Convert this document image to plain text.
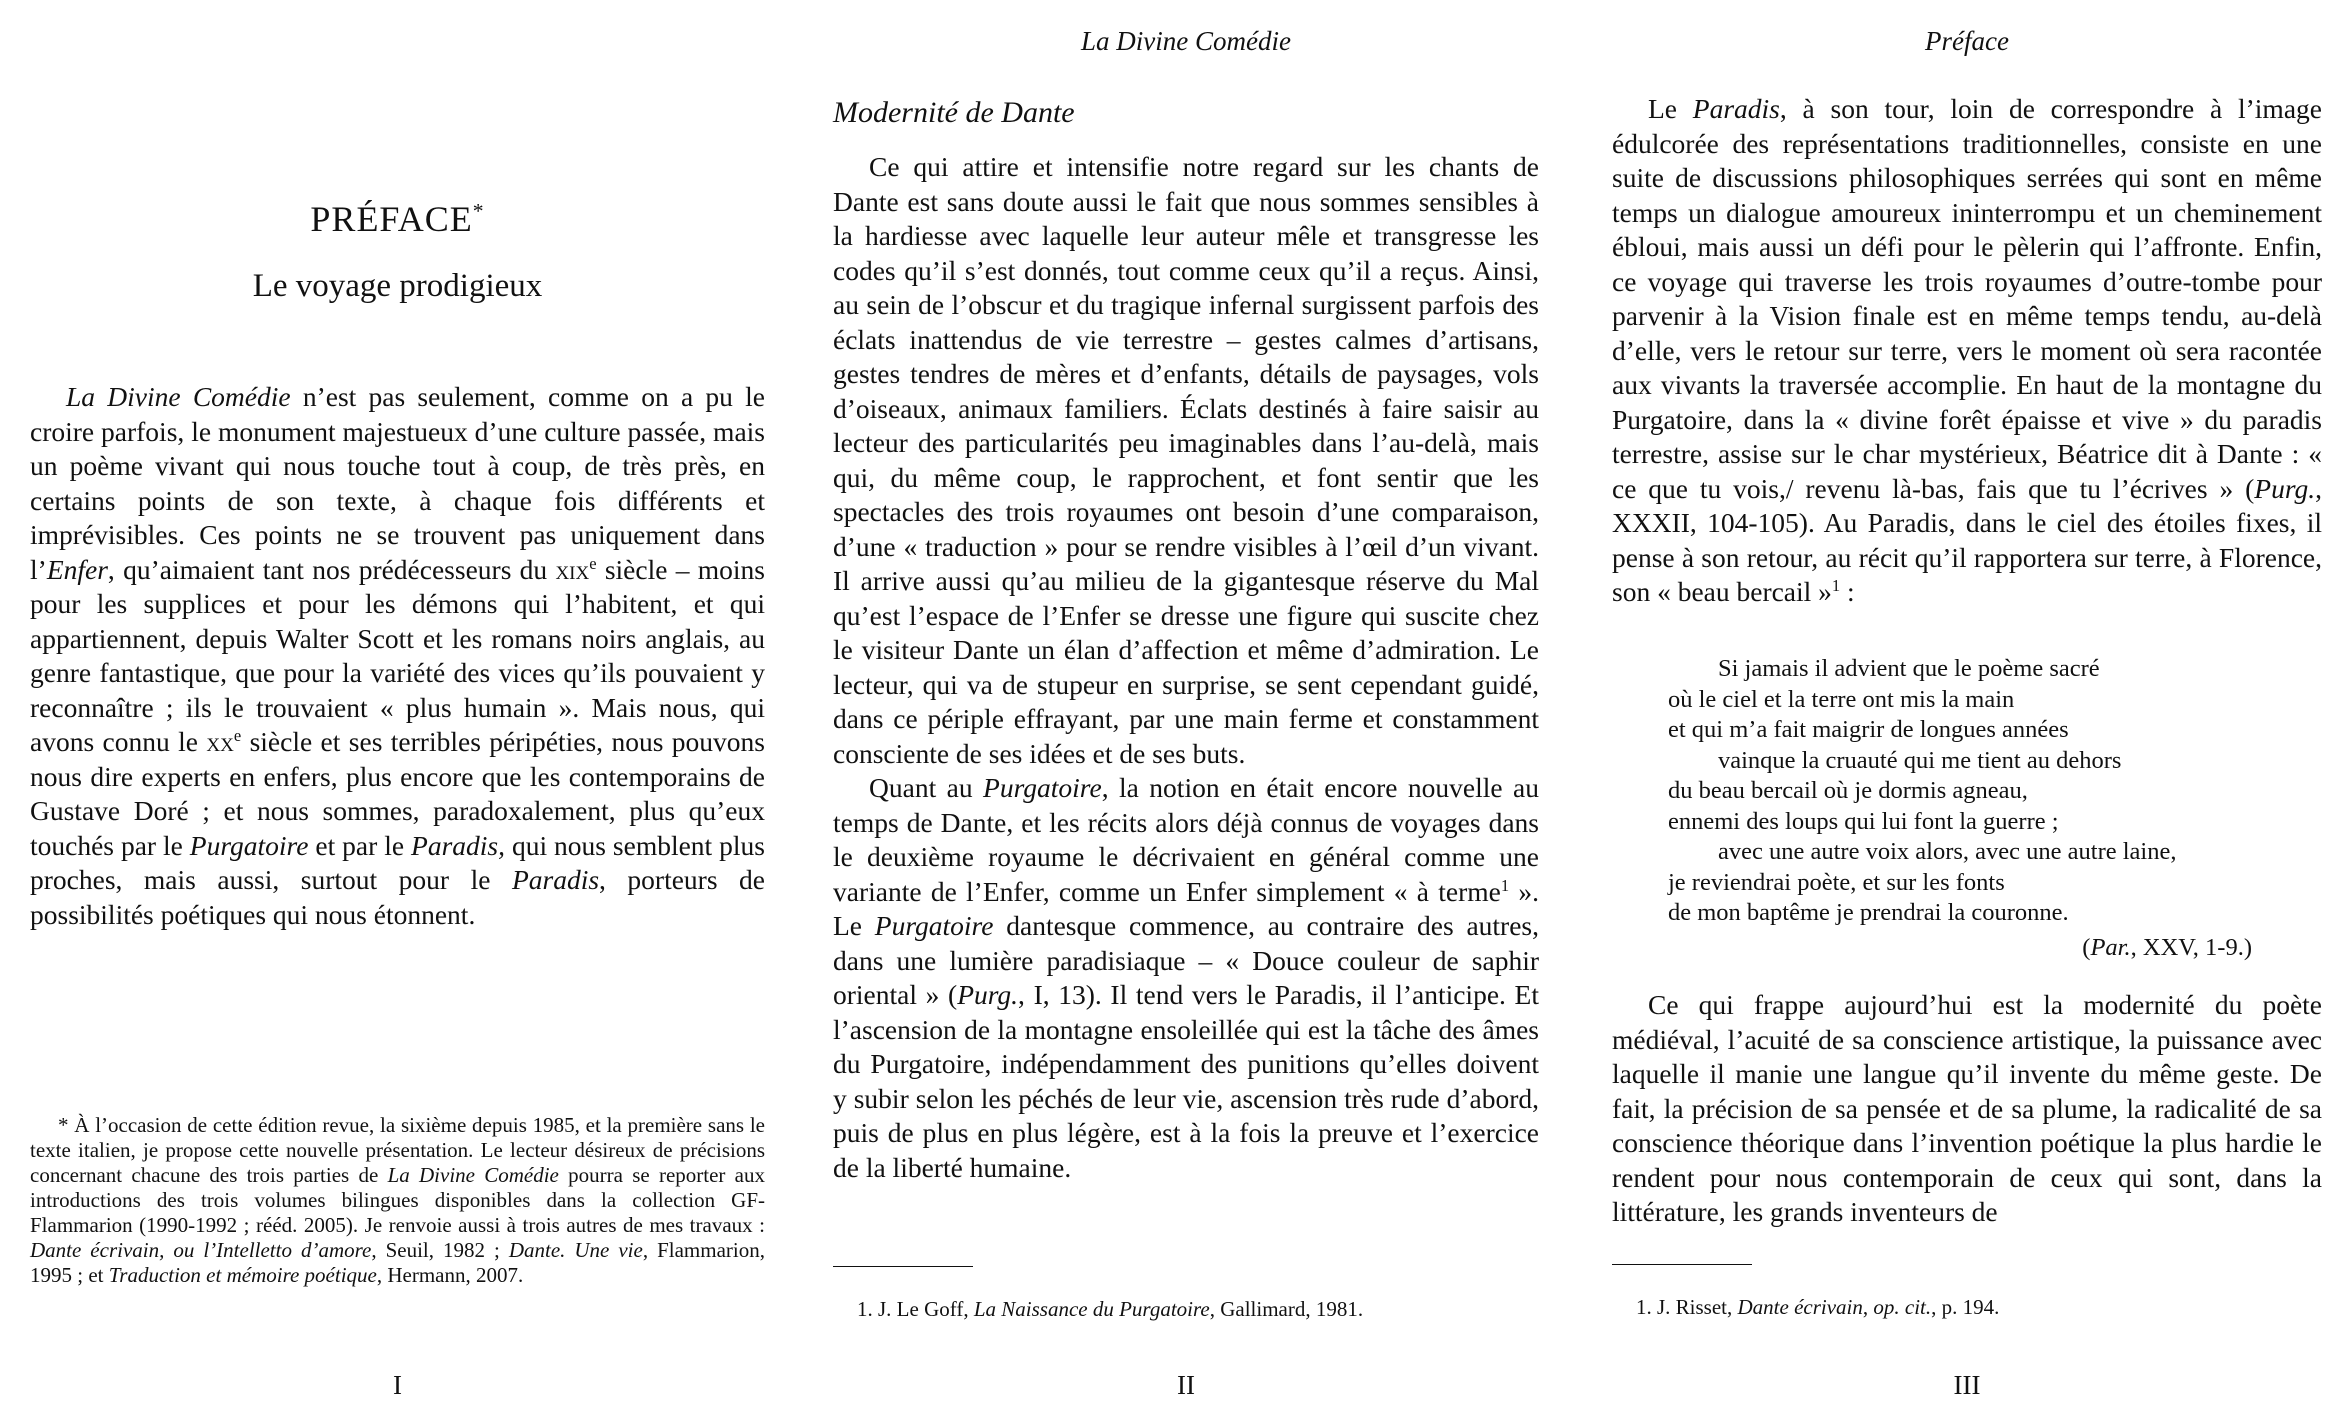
PRÉFACE*
Le voyage prodigieux

La Divine Comédie n’est pas seulement, comme on a pu le croire parfois, le monument majestueux d’une culture passée, mais un poème vivant qui nous touche tout à coup, de très près, en certains points de son texte, à chaque fois différents et imprévisibles. Ces points ne se trouvent pas uniquement dans l’Enfer, qu’aimaient tant nos prédécesseurs du xix$^e$ siècle – moins pour les supplices et pour les démons qui l’habitent, et qui appartiennent, depuis Walter Scott et les romans noirs anglais, au genre fantastique, que pour la variété des vices qu’ils pouvaient y reconnaître ; ils le trouvaient « plus humain ». Mais nous, qui avons connu le $xx^e$ siècle et ses terribles péripéties, nous pouvons nous dire experts en enfers, plus encore que les contemporains de Gustave Doré ; et nous sommes, paradoxalement, plus qu’eux touchés par le Purgatoire et par le Paradis, qui nous semblent plus proches, mais aussi, surtout pour le Paradis, porteurs de possibilités poétiques qui nous étonnent.

* À l’occasion de cette édition revue, la sixième depuis 1985, et la première sans le texte italien, je propose cette nouvelle présentation. Le lecteur désireux de précisions concernant chacune des trois parties de La Divine Comédie pourra se reporter aux introductions des trois volumes bilingues disponibles dans la collection GF-Flammarion (1990-1992 ; rééd. 2005). Je renvoie aussi à trois autres de mes travaux : Dante écrivain, ou l’Intelletto d’amore, Seuil, 1982 ; Dante. Une vie, Flammarion, 1995 ; et Traduction et mémoire poétique, Hermann, 2007.

I
La Divine Comédie
Modernité de Dante

Ce qui attire et intensifie notre regard sur les chants de Dante est sans doute aussi le fait que nous sommes sensibles à la hardiesse avec laquelle leur auteur mêle et transgresse les codes qu’il s’est donnés, tout comme ceux qu’il a reçus. Ainsi, au sein de l’obscur et du tragique infernal surgissent parfois des éclats inattendus de vie terrestre – gestes calmes d’artisans, gestes tendres de mères et d’enfants, détails de paysages, vols d’oiseaux, animaux familiers. Éclats destinés à faire saisir au lecteur des particularités peu imaginables dans l’au-delà, mais qui, du même coup, le rapprochent, et font sentir que les spectacles des trois royaumes ont besoin d’une comparaison, d’une « traduction » pour se rendre visibles à l’œil d’un vivant. Il arrive aussi qu’au milieu de la gigantesque réserve du Mal qu’est l’espace de l’Enfer se dresse une figure qui suscite chez le visiteur Dante un élan d’affection et même d’admiration. Le lecteur, qui va de stupeur en surprise, se sent cependant guidé, dans ce périple effrayant, par une main ferme et constamment consciente de ses idées et de ses buts.

Quant au Purgatoire, la notion en était encore nouvelle au temps de Dante, et les récits alors déjà connus de voyages dans le deuxième royaume le décrivaient en général comme une variante de l’Enfer, comme un Enfer simplement « à terme$^1$ ». Le Purgatoire dantesque commence, au contraire des autres, dans une lumière paradisiaque – « Douce couleur de saphir oriental » (Purg., I, 13). Il tend vers le Paradis, il l’anticipe. Et l’ascension de la montagne ensoleillée qui est la tâche des âmes du Purgatoire, indépendamment des punitions qu’elles doivent y subir selon les péchés de leur vie, ascension très rude d’abord, puis de plus en plus légère, est à la fois la preuve et l’exercice de la liberté humaine.

1. J. Le Goff, La Naissance du Purgatoire, Gallimard, 1981.

II
Préface

Le Paradis, à son tour, loin de correspondre à l’image édulcorée des représentations traditionnelles, consiste en une suite de discussions philosophiques serrées qui sont en même temps un dialogue amoureux ininterrompu et un cheminement ébloui, mais aussi un défi pour le pèlerin qui l’affronte. Enfin, ce voyage qui traverse les trois royaumes d’outre-tombe pour parvenir à la Vision finale est en même temps tendu, au-delà d’elle, vers le retour sur terre, vers le moment où sera racontée aux vivants la traversée accomplie. En haut de la montagne du Purgatoire, dans la « divine forêt épaisse et vive » du paradis terrestre, assise sur le char mystérieux, Béatrice dit à Dante : « ce que tu vois,/ revenu là-bas, fais que tu l’écrives » (Purg., XXXII, 104-105). Au Paradis, dans le ciel des étoiles fixes, il pense à son retour, au récit qu’il rapportera sur terre, à Florence, son « beau bercail »$^1$ :

Si jamais il advient que le poème sacré
où le ciel et la terre ont mis la main
et qui m’a fait maigrir de longues années
vainque la cruauté qui me tient au dehors
du beau bercail où je dormis agneau,
ennemi des loups qui lui font la guerre ;
avec une autre voix alors, avec une autre laine,
je reviendrai poète, et sur les fonts
de mon baptême je prendrai la couronne.
(Par., XXV, 1-9.)

Ce qui frappe aujourd’hui est la modernité du poète médiéval, l’acuité de sa conscience artistique, la puissance avec laquelle il manie une langue qu’il invente du même geste. De fait, la précision de sa pensée et de sa plume, la radicalité de sa conscience théorique dans l’invention poétique la plus hardie le rendent pour nous contemporain de ceux qui sont, dans la littérature, les grands inventeurs de

1. J. Risset, Dante écrivain, op. cit., p. 194.

III
